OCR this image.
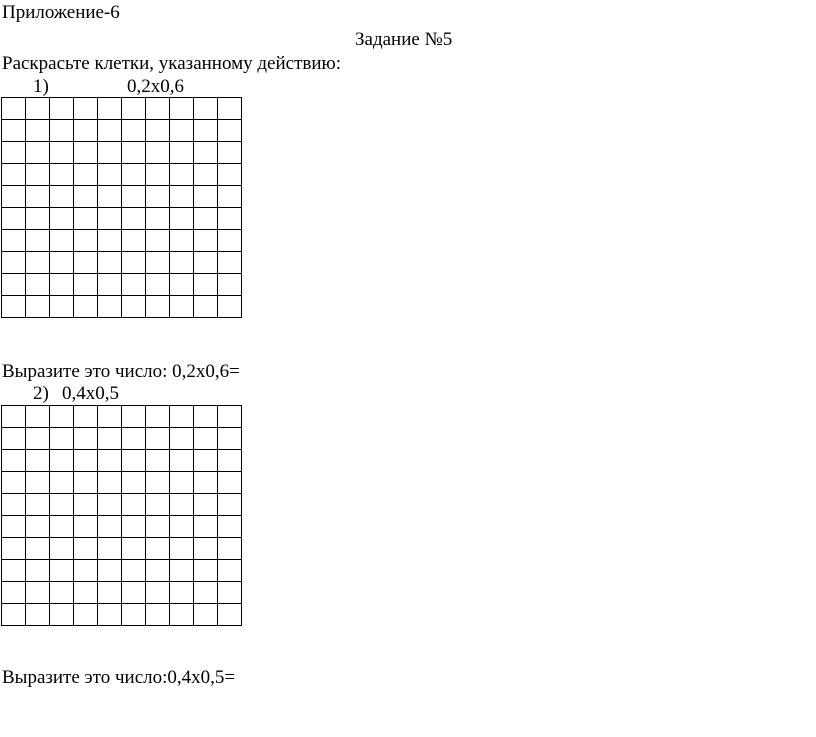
Приложение-6
Задание №5
Раскрасьте клетки, указанному действию:
1)	0,2х0,6

Выразите это число: 0,2х0,6=
2) 0,4х0,5

Выразите это число:0,4х0,5=
